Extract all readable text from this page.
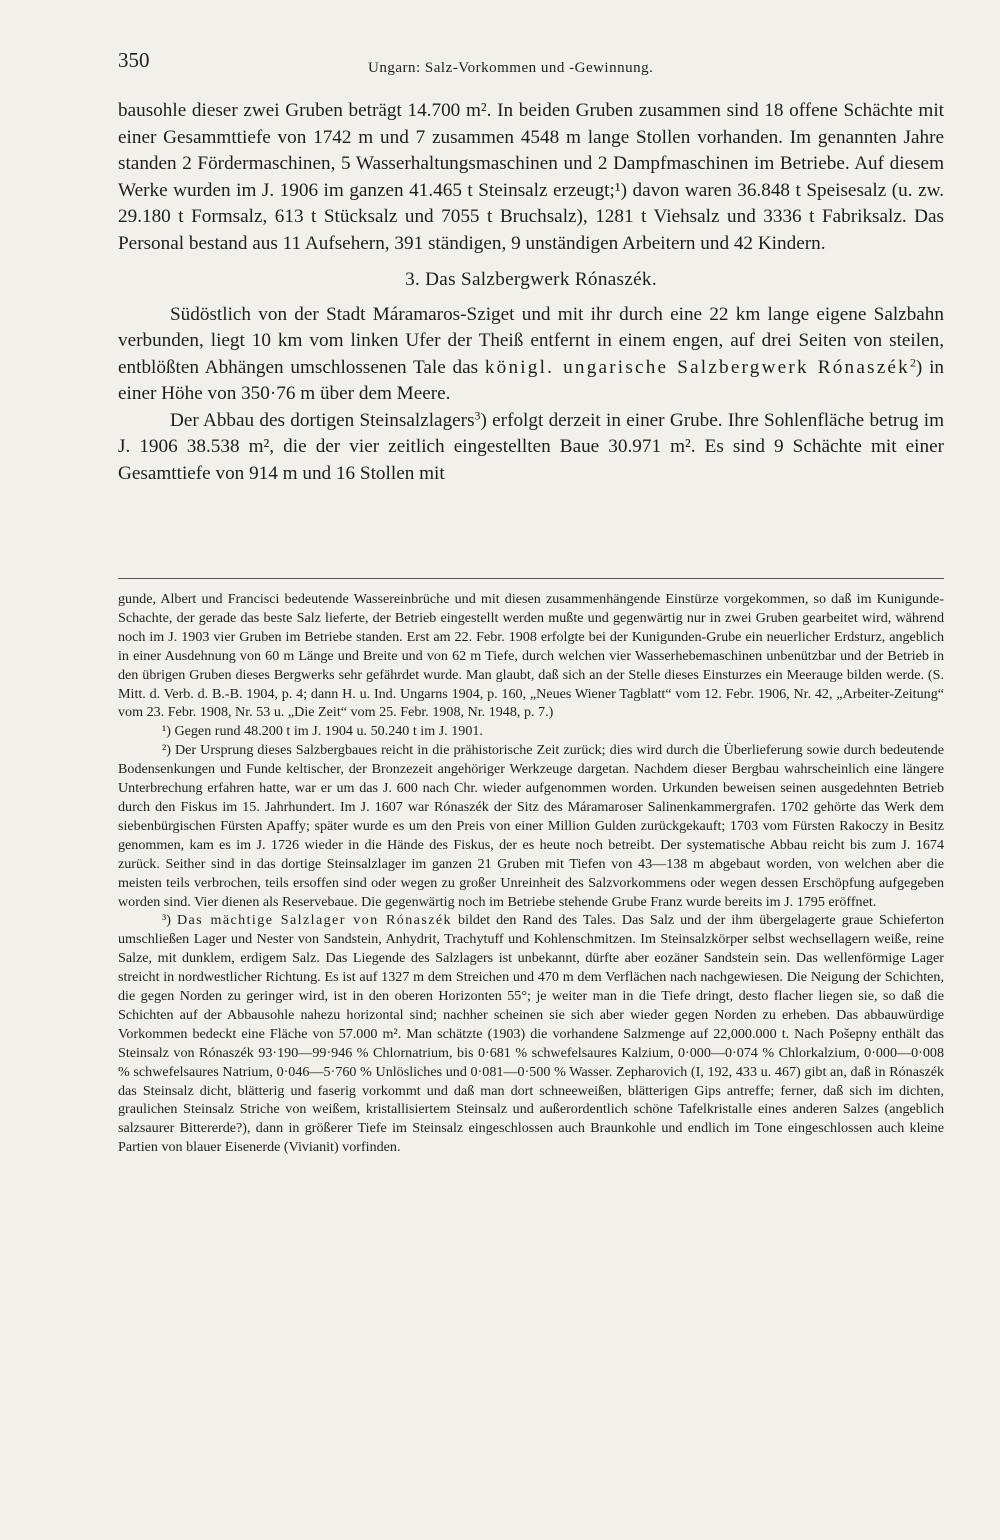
350	Ungarn: Salz-Vorkommen und -Gewinnung.

bausohle dieser zwei Gruben beträgt 14.700 m². In beiden Gruben zusammen sind 18 offene Schächte mit einer Gesammttiefe von 1742 m und 7 zusammen 4548 m lange Stollen vorhanden. Im genannten Jahre standen 2 Fördermaschinen, 5 Wasserhaltungsmaschinen und 2 Dampfmaschinen im Betriebe. Auf diesem Werke wurden im J. 1906 im ganzen 41.465 t Steinsalz erzeugt;¹) davon waren 36.848 t Speisesalz (u. zw. 29.180 t Formsalz, 613 t Stücksalz und 7055 t Bruchsalz), 1281 t Viehsalz und 3336 t Fabriksalz. Das Personal bestand aus 11 Aufsehern, 391 ständigen, 9 unständigen Arbeitern und 42 Kindern.

3. Das Salzbergwerk Rónaszék.

Südöstlich von der Stadt Máramaros-Sziget und mit ihr durch eine 22 km lange eigene Salzbahn verbunden, liegt 10 km vom linken Ufer der Theiß entfernt in einem engen, auf drei Seiten von steilen, entblößten Abhängen umschlossenen Tale das königl. ungarische Salzbergwerk Rónaszék$^2$) in einer Höhe von 350·76 m über dem Meere.

Der Abbau des dortigen Steinsalzlagers$^3$) erfolgt derzeit in einer Grube. Ihre Sohlenfläche betrug im J. 1906 38.538 m², die der vier zeitlich eingestellten Baue 30.971 m². Es sind 9 Schächte mit einer Gesamttiefe von 914 m und 16 Stollen mit

gunde, Albert und Francisci bedeutende Wassereinbrüche und mit diesen zusammenhängende Einstürze vorgekommen, so daß im Kunigunde-Schachte, der gerade das beste Salz lieferte, der Betrieb eingestellt werden mußte und gegenwärtig nur in zwei Gruben gearbeitet wird, während noch im J. 1903 vier Gruben im Betriebe standen. Erst am 22. Febr. 1908 erfolgte bei der Kunigunden-Grube ein neuerlicher Erdsturz, angeblich in einer Ausdehnung von 60 m Länge und Breite und von 62 m Tiefe, durch welchen vier Wasserhebemaschinen unbenützbar und der Betrieb in den übrigen Gruben dieses Bergwerks sehr gefährdet wurde. Man glaubt, daß sich an der Stelle dieses Einsturzes ein Meerauge bilden werde. (S. Mitt. d. Verb. d. B.-B. 1904, p. 4; dann H. u. Ind. Ungarns 1904, p. 160, „Neues Wiener Tagblatt“ vom 12. Febr. 1906, Nr. 42, „Arbeiter-Zeitung“ vom 23. Febr. 1908, Nr. 53 u. „Die Zeit“ vom 25. Febr. 1908, Nr. 1948, p. 7.)

¹) Gegen rund 48.200 t im J. 1904 u. 50.240 t im J. 1901.

²) Der Ursprung dieses Salzbergbaues reicht in die prähistorische Zeit zurück; dies wird durch die Überlieferung sowie durch bedeutende Bodensenkungen und Funde keltischer, der Bronzezeit angehöriger Werkzeuge dargetan. Nachdem dieser Bergbau wahrscheinlich eine längere Unterbrechung erfahren hatte, war er um das J. 600 nach Chr. wieder aufgenommen worden. Urkunden beweisen seinen ausgedehnten Betrieb durch den Fiskus im 15. Jahrhundert. Im J. 1607 war Rónaszék der Sitz des Máramaroser Salinenkammergrafen. 1702 gehörte das Werk dem siebenbürgischen Fürsten Apaffy; später wurde es um den Preis von einer Million Gulden zurückgekauft; 1703 vom Fürsten Rakoczy in Besitz genommen, kam es im J. 1726 wieder in die Hände des Fiskus, der es heute noch betreibt. Der systematische Abbau reicht bis zum J. 1674 zurück. Seither sind in das dortige Steinsalzlager im ganzen 21 Gruben mit Tiefen von 43—138 m abgebaut worden, von welchen aber die meisten teils verbrochen, teils ersoffen sind oder wegen zu großer Unreinheit des Salzvorkommens oder wegen dessen Erschöpfung aufgegeben worden sind. Vier dienen als Reservebaue. Die gegenwärtig noch im Betriebe stehende Grube Franz wurde bereits im J. 1795 eröffnet.

³) Das mächtige Salzlager von Rónaszék bildet den Rand des Tales. Das Salz und der ihm übergelagerte graue Schieferton umschließen Lager und Nester von Sandstein, Anhydrit, Trachytuff und Kohlenschmitzen. Im Steinsalzkörper selbst wechsellagern weiße, reine Salze, mit dunklem, erdigem Salz. Das Liegende des Salzlagers ist unbekannt, dürfte aber eozäner Sandstein sein. Das wellenförmige Lager streicht in nordwestlicher Richtung. Es ist auf 1327 m dem Streichen und 470 m dem Verflächen nach nachgewiesen. Die Neigung der Schichten, die gegen Norden zu geringer wird, ist in den oberen Horizonten 55°; je weiter man in die Tiefe dringt, desto flacher liegen sie, so daß die Schichten auf der Abbausohle nahezu horizontal sind; nachher scheinen sie sich aber wieder gegen Norden zu erheben. Das abbauwürdige Vorkommen bedeckt eine Fläche von 57.000 m². Man schätzte (1903) die vorhandene Salzmenge auf 22,000.000 t. Nach Pošepny enthält das Steinsalz von Rónaszék 93·190—99·946 % Chlornatrium, bis 0·681 % schwefelsaures Kalzium, 0·000—0·074 % Chlorkalzium, 0·000—0·008 % schwefelsaures Natrium, 0·046—5·760 % Unlösliches und 0·081—0·500 % Wasser. Zepharovich (I, 192, 433 u. 467) gibt an, daß in Rónaszék das Steinsalz dicht, blätterig und faserig vorkommt und daß man dort schneeweißen, blätterigen Gips antreffe; ferner, daß sich im dichten, graulichen Steinsalz Striche von weißem, kristallisiertem Steinsalz und außerordentlich schöne Tafelkristalle eines anderen Salzes (angeblich salzsaurer Bittererde?), dann in größerer Tiefe im Steinsalz eingeschlossen auch Braunkohle und endlich im Tone eingeschlossen auch kleine Partien von blauer Eisenerde (Vivianit) vorfinden.
